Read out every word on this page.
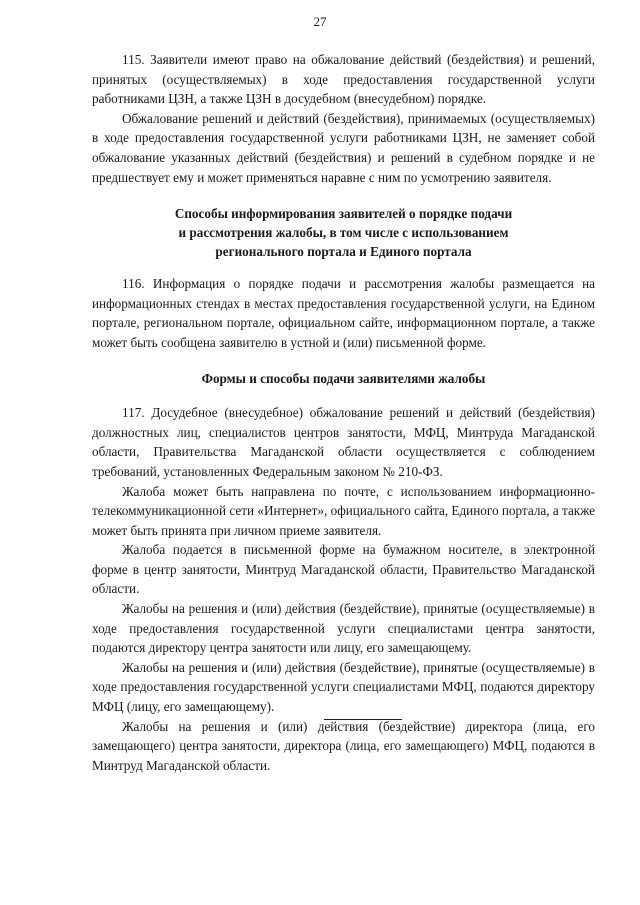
27

115. Заявители имеют право на обжалование действий (бездействия) и решений, принятых (осуществляемых) в ходе предоставления государственной услуги работниками ЦЗН, а также ЦЗН в досудебном (внесудебном) порядке.

Обжалование решений и действий (бездействия), принимаемых (осуществляемых) в ходе предоставления государственной услуги работниками ЦЗН, не заменяет собой обжалование указанных действий (бездействия) и решений в судебном порядке и не предшествует ему и может применяться наравне с ним по усмотрению заявителя.

Способы информирования заявителей о порядке подачи
и рассмотрения жалобы, в том числе с использованием
регионального портала и Единого портала

116. Информация о порядке подачи и рассмотрения жалобы размещается на информационных стендах в местах предоставления государственной услуги, на Едином портале, региональном портале, официальном сайте, информационном портале, а также может быть сообщена заявителю в устной и (или) письменной форме.

Формы и способы подачи заявителями жалобы

117. Досудебное (внесудебное) обжалование решений и действий (бездействия) должностных лиц, специалистов центров занятости, МФЦ, Минтруда Магаданской области, Правительства Магаданской области осуществляется с соблюдением требований, установленных Федеральным законом № 210-ФЗ.

Жалоба может быть направлена по почте, с использованием информационно-телекоммуникационной сети «Интернет», официального сайта, Единого портала, а также может быть принята при личном приеме заявителя.

Жалоба подается в письменной форме на бумажном носителе, в электронной форме в центр занятости, Минтруд Магаданской области, Правительство Магаданской области.

Жалобы на решения и (или) действия (бездействие), принятые (осуществляемые) в ходе предоставления государственной услуги специалистами центра занятости, подаются директору центра занятости или лицу, его замещающему.

Жалобы на решения и (или) действия (бездействие), принятые (осуществляемые) в ходе предоставления государственной услуги специалистами МФЦ, подаются директору МФЦ (лицу, его замещающему).

Жалобы на решения и (или) действия (бездействие) директора (лица, его замещающего) центра занятости, директора (лица, его замещающего) МФЦ, подаются в Минтруд Магаданской области.
